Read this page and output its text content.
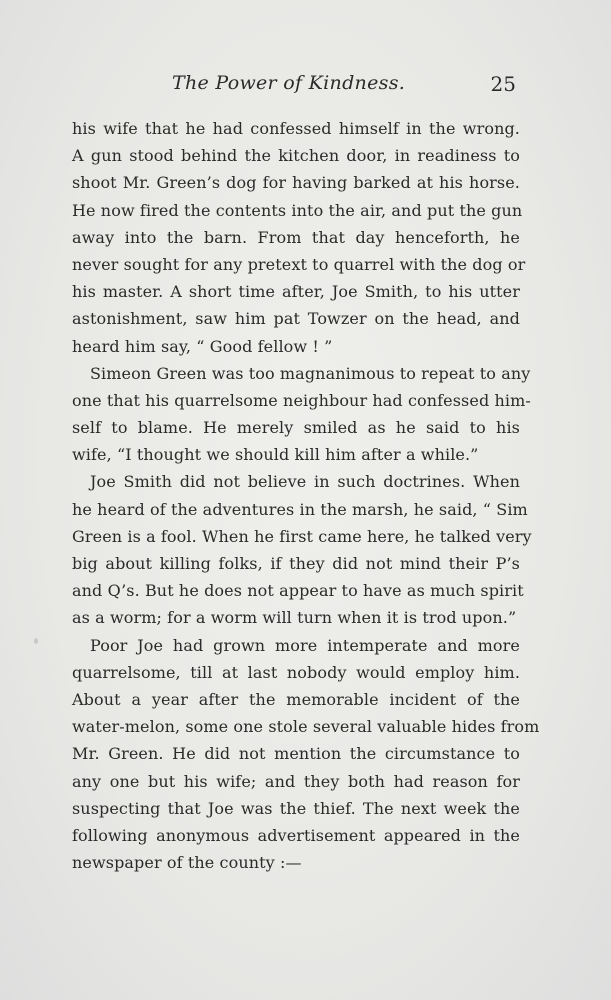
The Power of Kindness.	25
his wife that he had confessed himself in the wrong.
A gun stood behind the kitchen door, in readiness to
shoot Mr. Green’s dog for having barked at his horse.
He now fired the contents into the air, and put the gun
away into the barn. From that day henceforth, he
never sought for any pretext to quarrel with the dog or
his master. A short time after, Joe Smith, to his utter
astonishment, saw him pat Towzer on the head, and
heard him say, “ Good fellow ! ”
Simeon Green was too magnanimous to repeat to any
one that his quarrelsome neighbour had confessed him-
self to blame. He merely smiled as he said to his
wife, “I thought we should kill him after a while.”
Joe Smith did not believe in such doctrines. When
he heard of the adventures in the marsh, he said, “ Sim
Green is a fool. When he first came here, he talked very
big about killing folks, if they did not mind their P’s
and Q’s. But he does not appear to have as much spirit
as a worm; for a worm will turn when it is trod upon.”
Poor Joe had grown more intemperate and more
quarrelsome, till at last nobody would employ him.
About a year after the memorable incident of the
water-melon, some one stole several valuable hides from
Mr. Green. He did not mention the circumstance to
any one but his wife; and they both had reason for
suspecting that Joe was the thief. The next week the
following anonymous advertisement appeared in the
newspaper of the county :—
